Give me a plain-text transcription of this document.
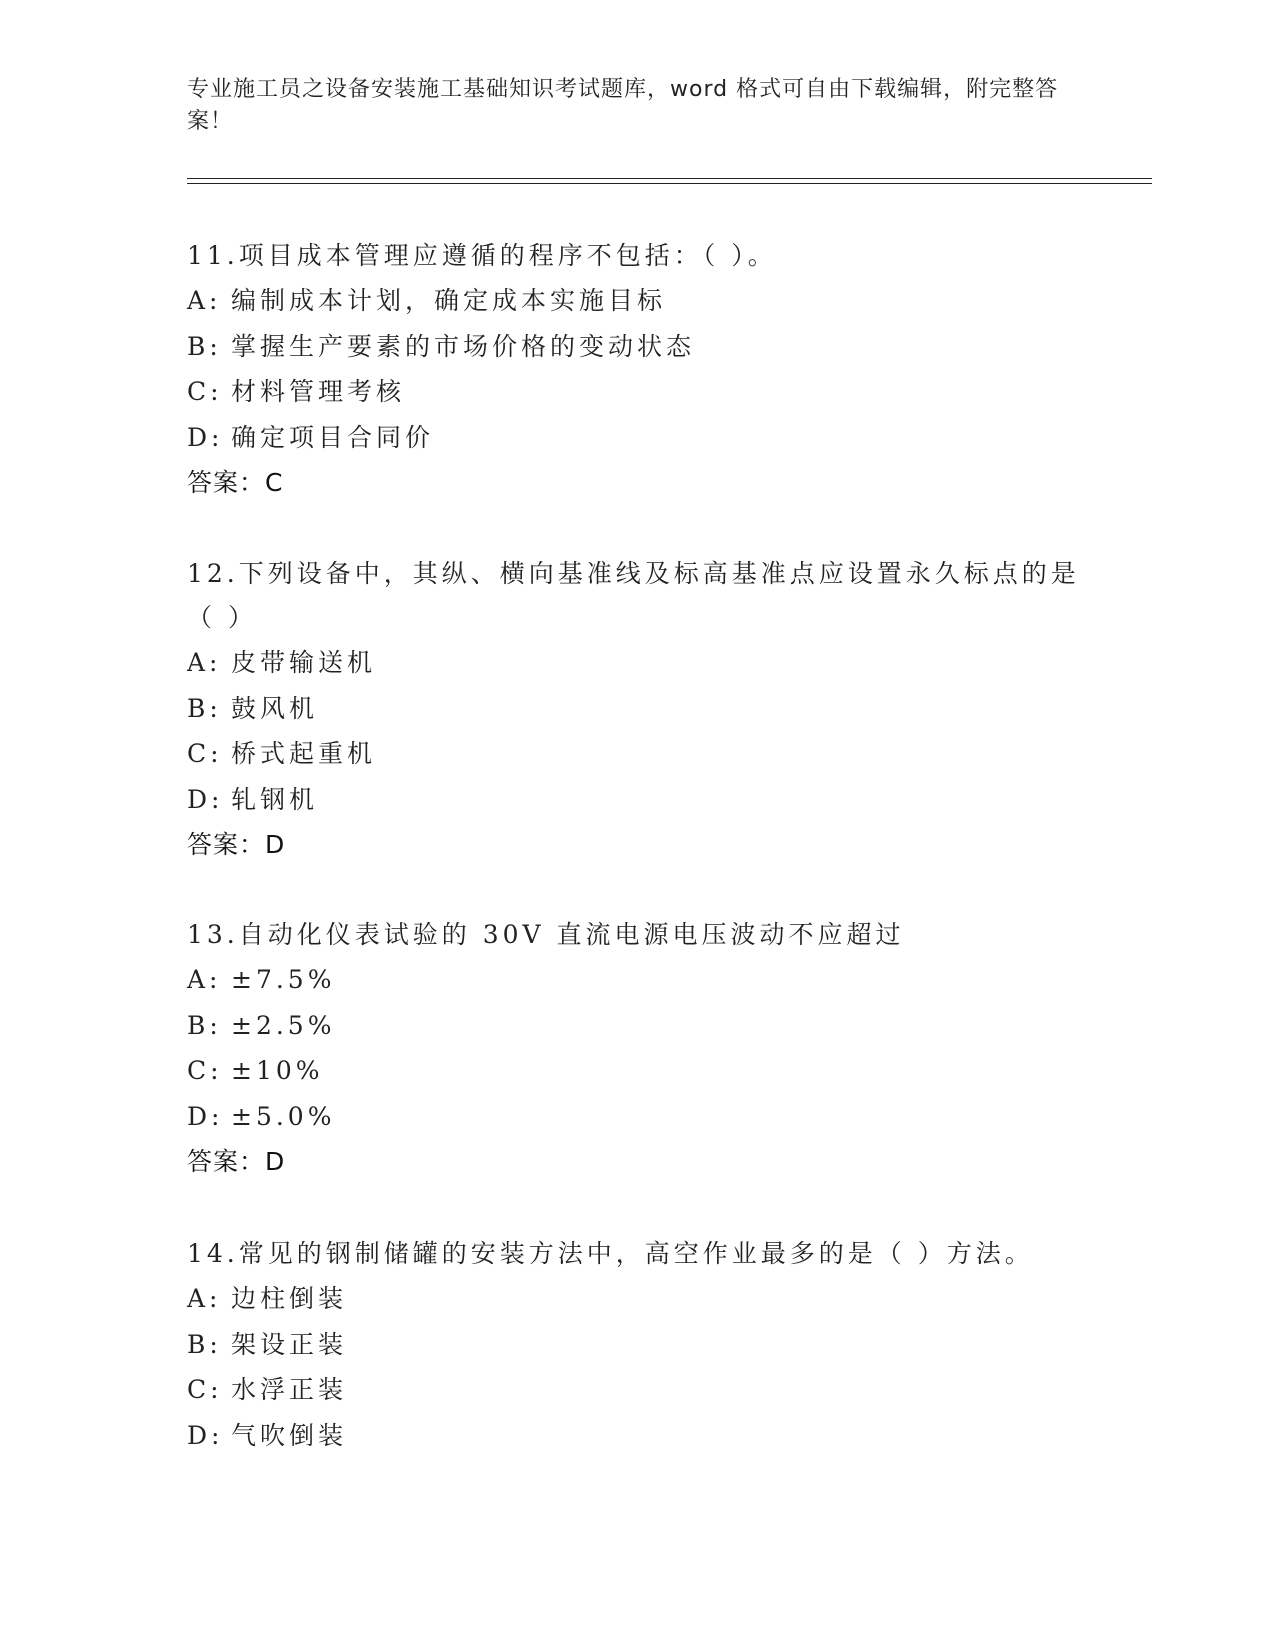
专业施工员之设备安装施工基础知识考试题库，word 格式可自由下载编辑，附完整答案！

11.项目成本管理应遵循的程序不包括：（ ）。

A: 编制成本计划，确定成本实施目标

B: 掌握生产要素的市场价格的变动状态

C: 材料管理考核

D: 确定项目合同价

答案：C

12.下列设备中，其纵、横向基准线及标高基准点应设置永久标点的是（ ）

A: 皮带输送机

B: 鼓风机

C: 桥式起重机

D: 轧钢机

答案：D

13.自动化仪表试验的 30V 直流电源电压波动不应超过

A: ±7.5%

B: ±2.5%

C: ±10%

D: ±5.0%

答案：D

14.常见的钢制储罐的安装方法中，高空作业最多的是（ ）方法。

A: 边柱倒装

B: 架设正装

C: 水浮正装

D: 气吹倒装
